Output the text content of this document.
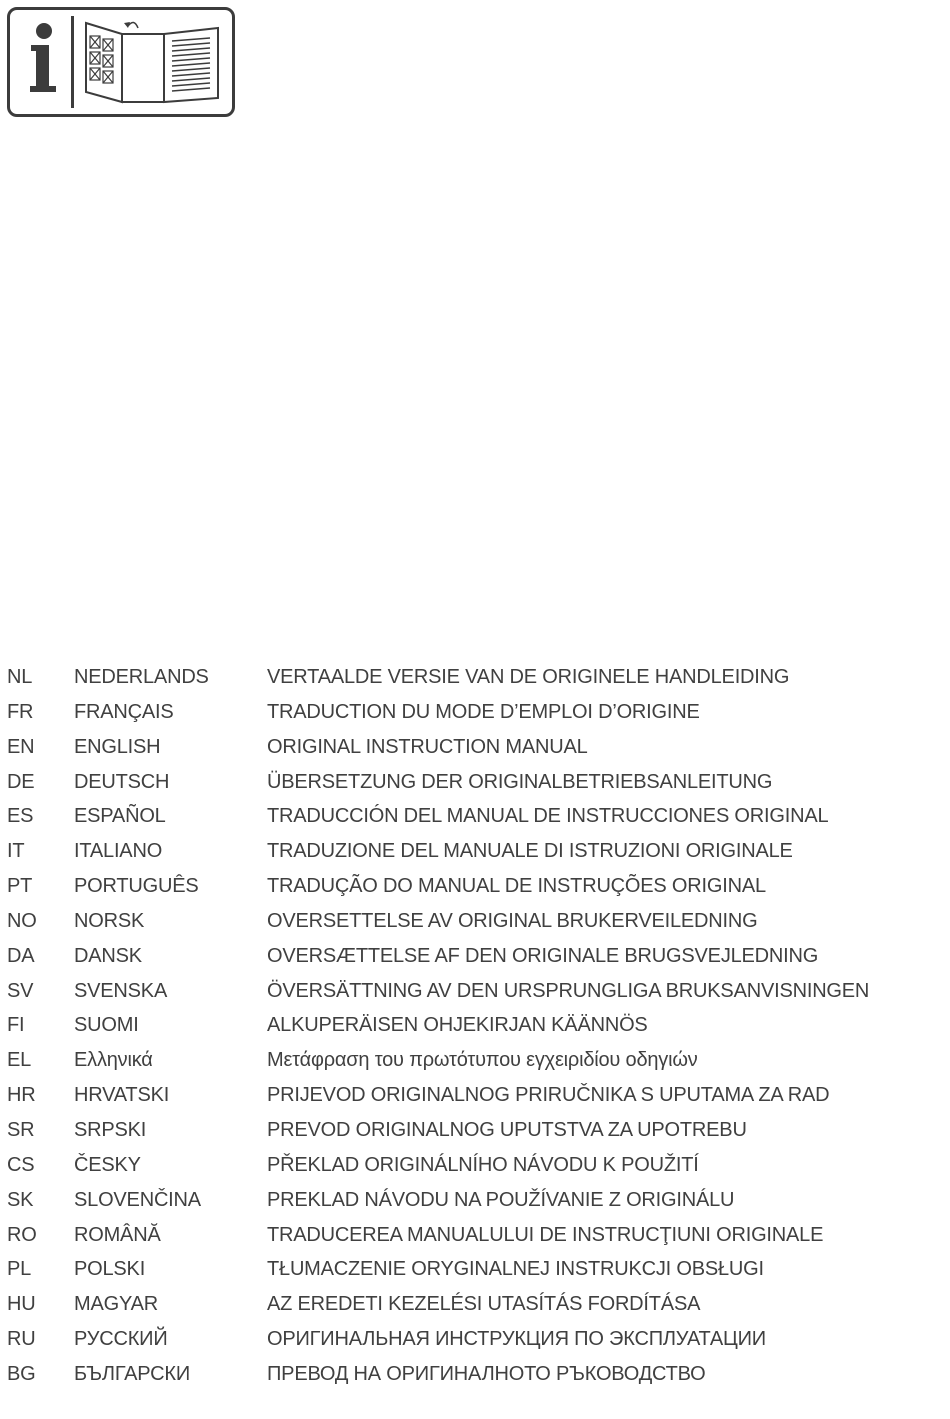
NL NEDERLANDS	VERTAALDE VERSIE VAN DE ORIGINELE HANDLEIDING
FR FRANÇAIS	TRADUCTION DU MODE D’EMPLOI D’ORIGINE
EN ENGLISH	ORIGINAL INSTRUCTION MANUAL
DE DEUTSCH	ÜBERSETZUNG DER ORIGINALBETRIEBSANLEITUNG
ES ESPAÑOL	TRADUCCIÓN DEL MANUAL DE INSTRUCCIONES ORIGINAL
IT ITALIANO	TRADUZIONE DEL MANUALE DI ISTRUZIONI ORIGINALE
PT PORTUGUÊS	TRADUÇÃO DO MANUAL DE INSTRUÇÕES ORIGINAL
NO NORSK	OVERSETTELSE AV ORIGINAL BRUKERVEILEDNING
DA DANSK	OVERSÆTTELSE AF DEN ORIGINALE BRUGSVEJLEDNING
SV SVENSKA	ÖVERSÄTTNING AV DEN URSPRUNGLIGA BRUKSANVISNINGEN
FI SUOMI	ALKUPERÄISEN OHJEKIRJAN KÄÄNNÖS
EL Ελληνικά	Μετάφραση του πρωτότυπου εγχειριδίου οδηγιών
HR HRVATSKI	PRIJEVOD ORIGINALNOG PRIRUČNIKA S UPUTAMA ZA RAD
SR SRPSKI	PREVOD ORIGINALNOG UPUTSTVA ZA UPOTREBU
CS ČESKY	PŘEKLAD ORIGINÁLNÍHO NÁVODU K POUŽITÍ
SK SLOVENČINA	PREKLAD NÁVODU NA POUŽÍVANIE Z ORIGINÁLU
RO ROMÂNĂ	TRADUCEREA MANUALULUI DE INSTRUCŢIUNI ORIGINALE
PL POLSKI	TŁUMACZENIE ORYGINALNEJ INSTRUKCJI OBSŁUGI
HU MAGYAR	AZ EREDETI KEZELÉSI UTASÍTÁS FORDÍTÁSA
RU РУССКИЙ	ОРИГИНАЛЬНАЯ ИНСТРУКЦИЯ ПО ЭКСПЛУАТАЦИИ
BG БЪЛГАРСКИ	ПРЕВОД НА ОРИГИНАЛНОТО РЪКОВОДСТВО
